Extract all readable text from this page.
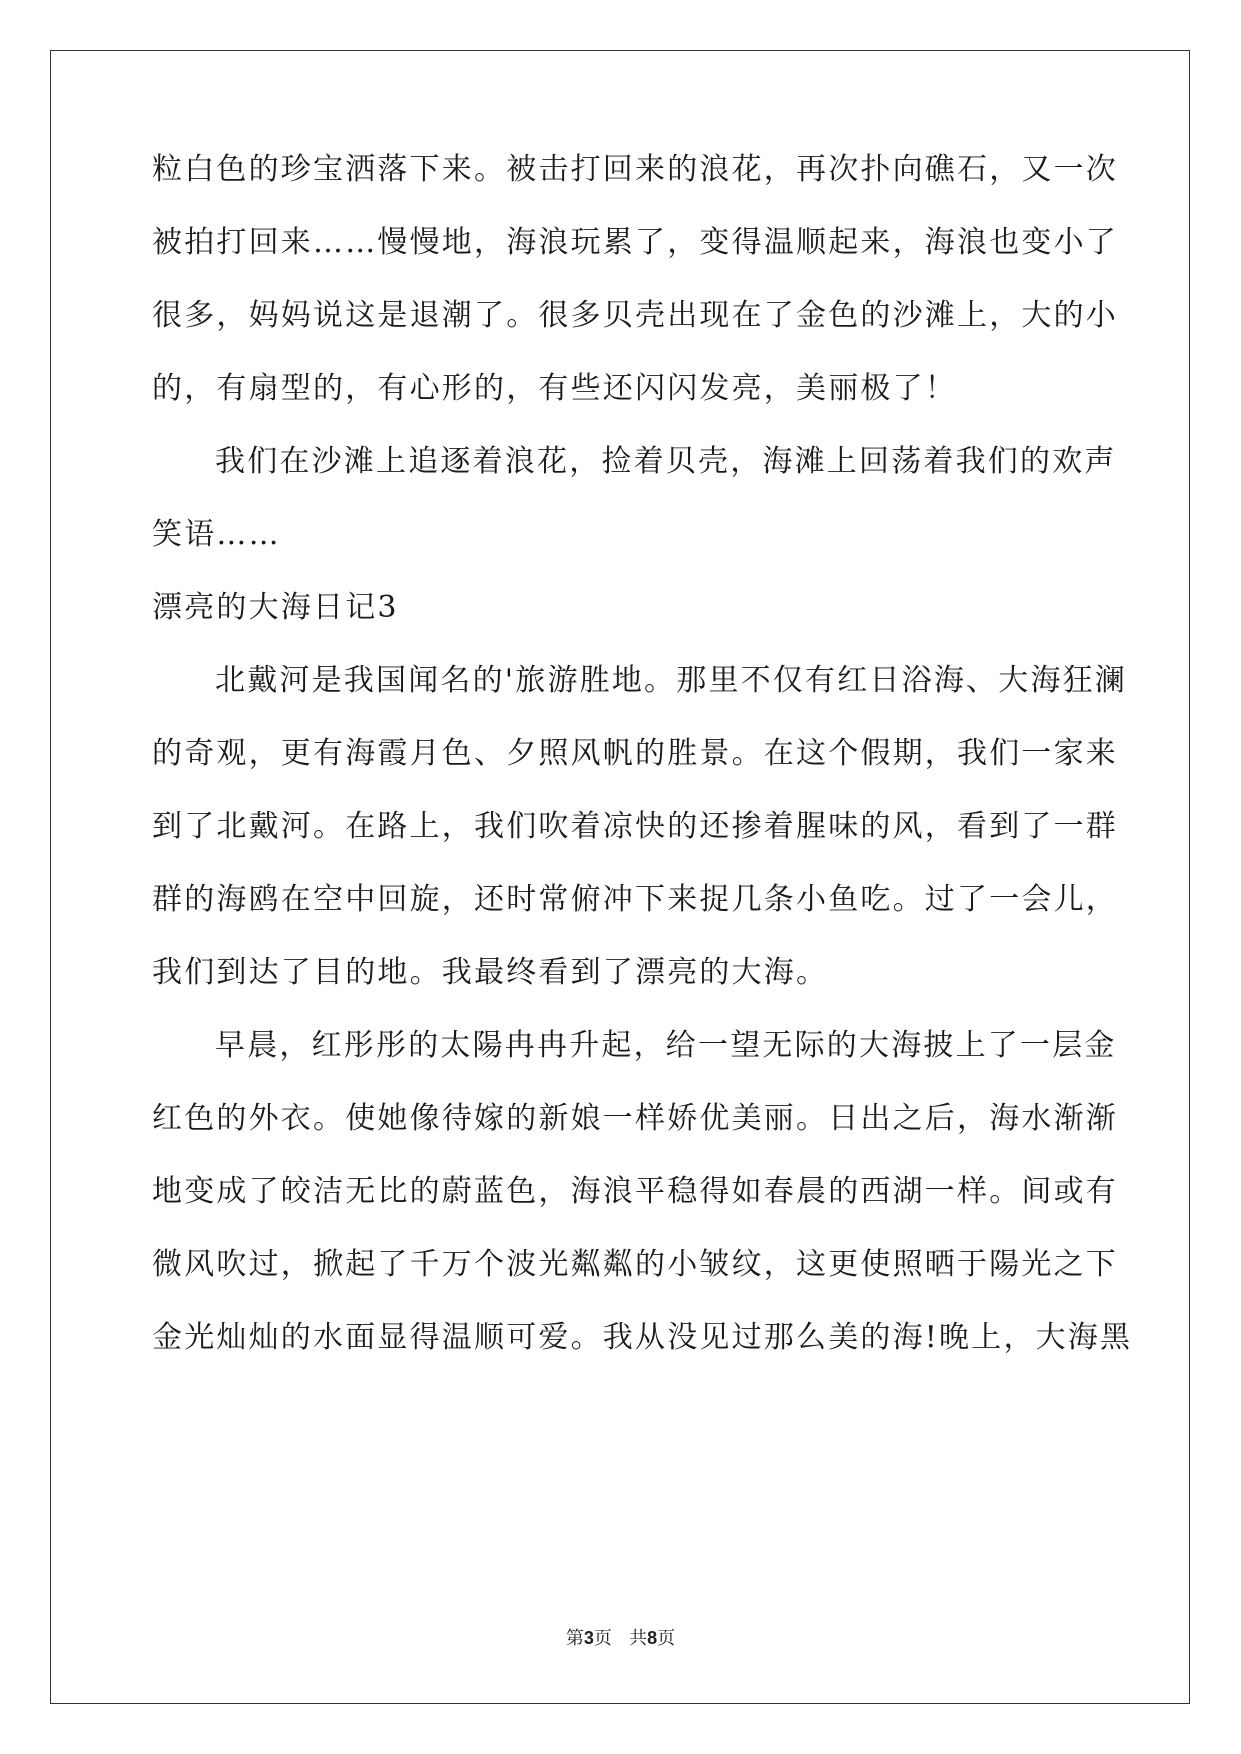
粒白色的珍宝洒落下来。被击打回来的浪花，再次扑向礁石，又一次
被拍打回来……慢慢地，海浪玩累了，变得温顺起来，海浪也变小了
很多，妈妈说这是退潮了。很多贝壳出现在了金色的沙滩上，大的小
的，有扇型的，有心形的，有些还闪闪发亮，美丽极了！
我们在沙滩上追逐着浪花，捡着贝壳，海滩上回荡着我们的欢声
笑语……
漂亮的大海日记3
北戴河是我国闻名的'旅游胜地。那里不仅有红日浴海、大海狂澜
的奇观，更有海霞月色、夕照风帆的胜景。在这个假期，我们一家来
到了北戴河。在路上，我们吹着凉快的还掺着腥味的风，看到了一群
群的海鸥在空中回旋，还时常俯冲下来捉几条小鱼吃。过了一会儿，
我们到达了目的地。我最终看到了漂亮的大海。
早晨，红彤彤的太陽冉冉升起，给一望无际的大海披上了一层金
红色的外衣。使她像待嫁的新娘一样娇优美丽。日出之后，海水渐渐
地变成了皎洁无比的蔚蓝色，海浪平稳得如春晨的西湖一样。间或有
微风吹过，掀起了千万个波光粼粼的小皱纹，这更使照晒于陽光之下
金光灿灿的水面显得温顺可爱。我从没见过那么美的海!晚上，大海黑
第3页 共8页
